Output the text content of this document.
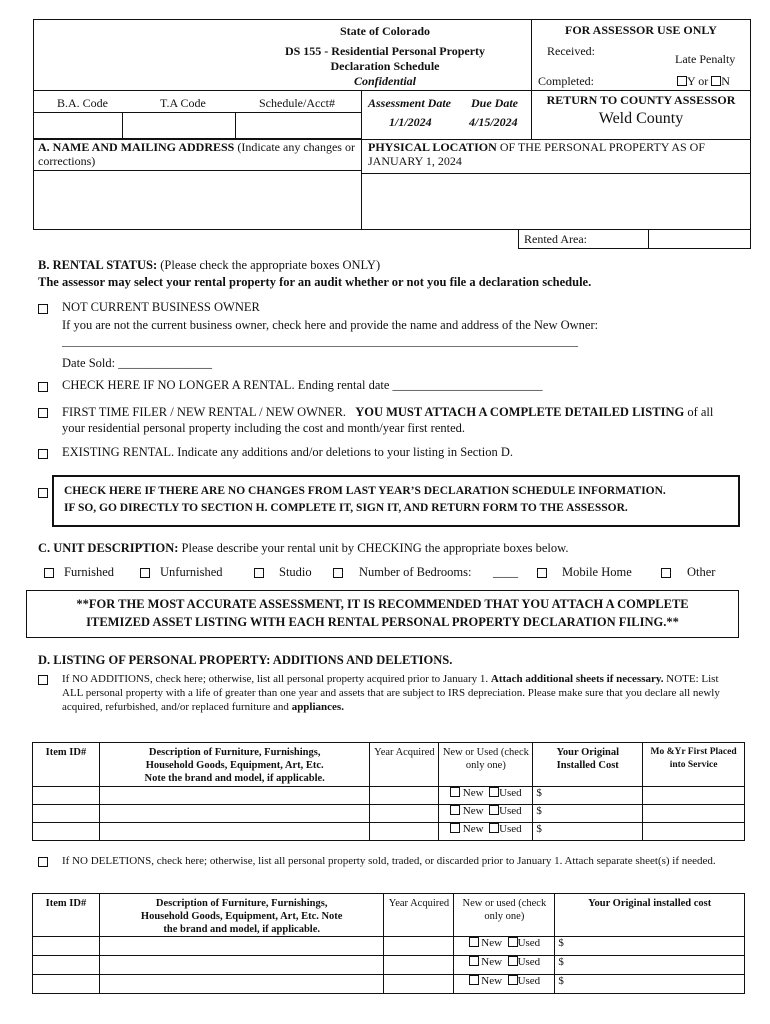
State of Colorado
DS 155 - Residential Personal Property
Declaration Schedule
Confidential
FOR ASSESSOR USE ONLY
Received:
Late Penalty
Completed:	Y or N
B.A. Code	T.A Code	Schedule/Acct#	Assessment Date Due Date
1/1/2024	4/15/2024
RETURN TO COUNTY ASSESSOR
Weld County
A. NAME AND MAILING ADDRESS (Indicate any changes or corrections)
PHYSICAL LOCATION OF THE PERSONAL PROPERTY AS OF JANUARY 1, 2024
Rented Area:
B. RENTAL STATUS: (Please check the appropriate boxes ONLY)
The assessor may select your rental property for an audit whether or not you file a declaration schedule.
NOT CURRENT BUSINESS OWNER
If you are not the current business owner, check here and provide the name and address of the New Owner:
______________________________________________________________________________________
Date Sold: _______________
CHECK HERE IF NO LONGER A RENTAL. Ending rental date ________________________
FIRST TIME FILER / NEW RENTAL / NEW OWNER. YOU MUST ATTACH A COMPLETE DETAILED LISTING of all your residential personal property including the cost and month/year first rented.
EXISTING RENTAL. Indicate any additions and/or deletions to your listing in Section D.
CHECK HERE IF THERE ARE NO CHANGES FROM LAST YEAR’S DECLARATION SCHEDULE INFORMATION.
IF SO, GO DIRECTLY TO SECTION H. COMPLETE IT, SIGN IT, AND RETURN FORM TO THE ASSESSOR.
C. UNIT DESCRIPTION: Please describe your rental unit by CHECKING the appropriate boxes below.
Furnished	Unfurnished	Studio	Number of Bedrooms: ____	Mobile Home	Other
**FOR THE MOST ACCURATE ASSESSMENT, IT IS RECOMMENDED THAT YOU ATTACH A COMPLETE
ITEMIZED ASSET LISTING WITH EACH RENTAL PERSONAL PROPERTY DECLARATION FILING.**
D. LISTING OF PERSONAL PROPERTY: ADDITIONS AND DELETIONS.
If NO ADDITIONS, check here; otherwise, list all personal property acquired prior to January 1. Attach additional sheets if necessary. NOTE: List ALL personal property with a life of greater than one year and assets that are subject to IRS depreciation. Please make sure that you declare all newly acquired, refurbished, and/or replaced furniture and appliances.
Item ID#	Description of Furniture, Furnishings, Household Goods, Equipment, Art, Etc. Note the brand and model, if applicable.	Year Acquired	New or Used (check only one)	Your Original Installed Cost	Mo &Yr First Placed into Service
			New Used	$	
			New Used	$	
			New Used	$	
If NO DELETIONS, check here; otherwise, list all personal property sold, traded, or discarded prior to January 1. Attach separate sheet(s) if needed.
Item ID#	Description of Furniture, Furnishings, Household Goods, Equipment, Art, Etc. Note the brand and model, if applicable.	Year Acquired	New or used (check only one)	Your Original installed cost
			New Used	$
			New Used	$
			New Used	$
